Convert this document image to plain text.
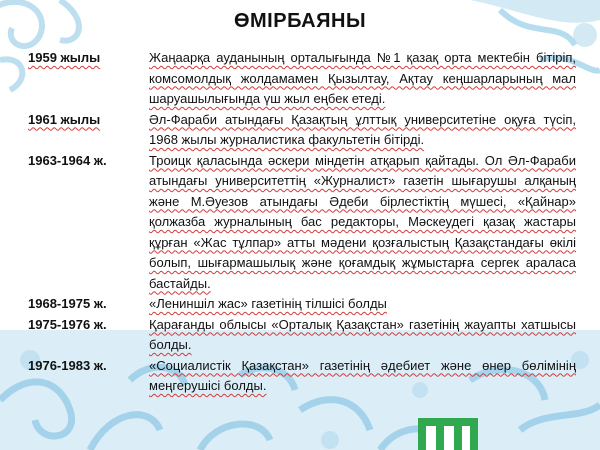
ӨМІРБАЯНЫ
1959 жылы	Жаңаарқа ауданының орталығында №1 қазақ орта мектебін бітіріп, комсомолдық жолдамамен Қызылтау, Ақтау кеңшарларының мал шаруашылығында үш жыл еңбек етеді.
1961 жылы	Әл-Фараби атындағы Қазақтың ұлттық университетіне оқуға түсіп, 1968 жылы журналистика факультетін бітірді.
1963-1964 ж.	Троицк қаласында әскери міндетін атқарып қайтады. Ол Әл-Фараби атындағы университеттің «Журналист» газетін шығарушы алқаның және М.Әуезов атындағы Әдеби бірлестіктің мүшесі, «Қайнар» қолжазба журналының бас редакторы, Мәскеудегі қазақ жастары құрған «Жас тұлпар» атты мәдени қозғалыстың Қазақстандағы өкілі болып, шығармашылық және қоғамдық жұмыстарға сергек араласа бастайды.
1968-1975 ж.	«Лениншіл жас» газетінің тілшісі болды
1975-1976 ж.	Қарағанды облысы «Орталық Қазақстан» газетінің жауапты хатшысы болды.
1976-1983 ж.	«Социалистік Қазақстан» газетінің әдебиет және өнер бөлімінің меңгерушісі болды.
